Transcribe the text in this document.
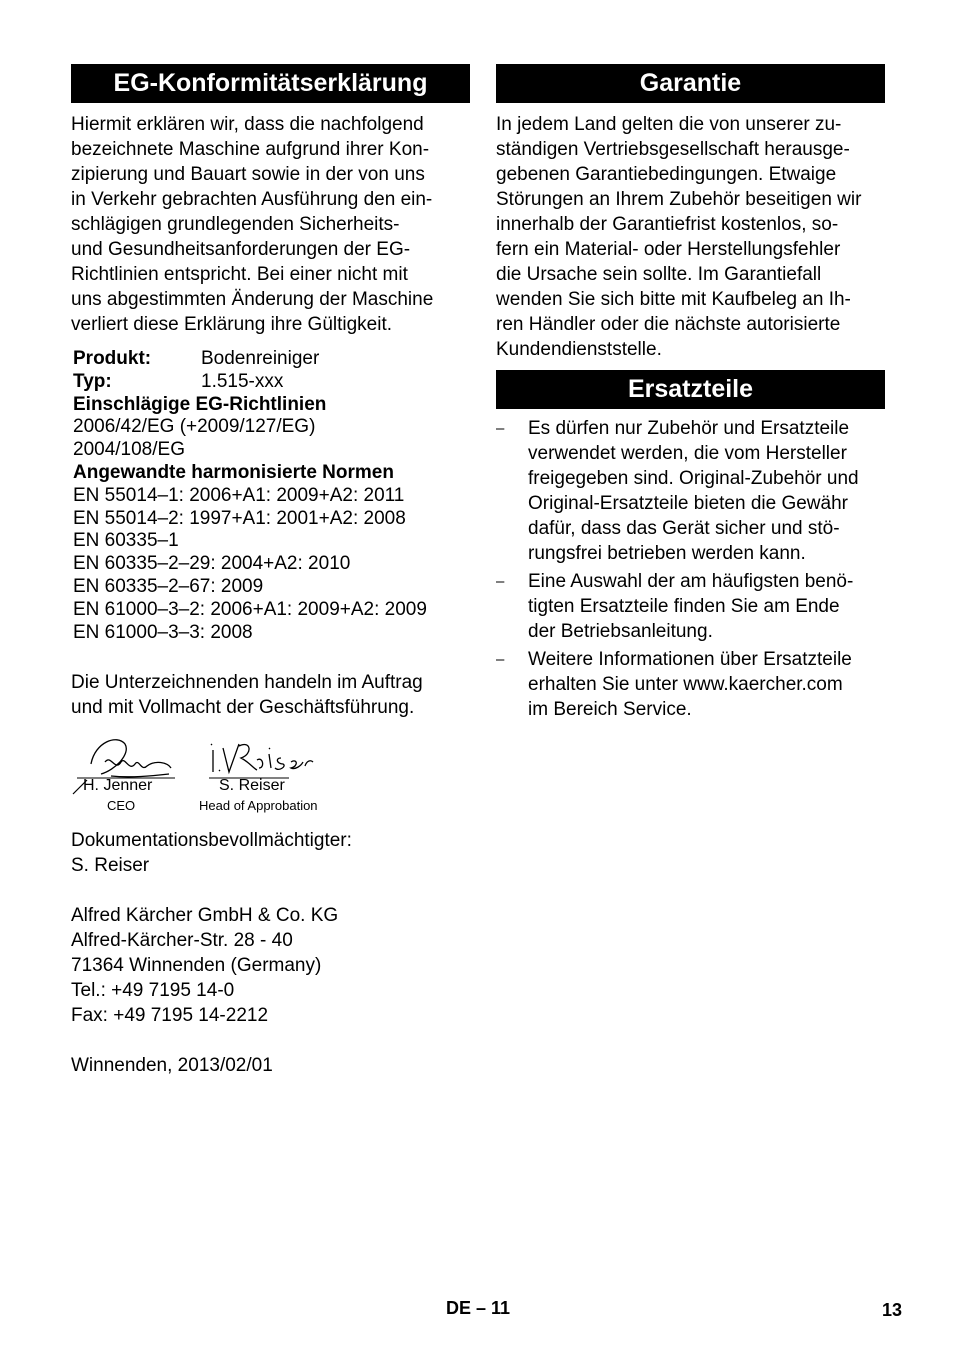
EG-Konformitätserklärung

Hiermit erklären wir, dass die nachfolgend
bezeichnete Maschine aufgrund ihrer Kon-
zipierung und Bauart sowie in der von uns
in Verkehr gebrachten Ausführung den ein-
schlägigen grundlegenden Sicherheits-
und Gesundheitsanforderungen der EG-
Richtlinien entspricht. Bei einer nicht mit
uns abgestimmten Änderung der Maschine
verliert diese Erklärung ihre Gültigkeit.

Produkt:	Bodenreiniger
Typ:	1.515-xxx
Einschlägige EG-Richtlinien
2006/42/EG (+2009/127/EG)
2004/108/EG
Angewandte harmonisierte Normen
EN 55014–1: 2006+A1: 2009+A2: 2011
EN 55014–2: 1997+A1: 2001+A2: 2008
EN 60335–1
EN 60335–2–29: 2004+A2: 2010
EN 60335–2–67: 2009
EN 61000–3–2: 2006+A1: 2009+A2: 2009
EN 61000–3–3: 2008

Die Unterzeichnenden handeln im Auftrag
und mit Vollmacht der Geschäftsführung.

H. Jenner
CEO
S. Reiser
Head of Approbation

Dokumentationsbevollmächtigter:

S. Reiser

Alfred Kärcher GmbH & Co. KG

Alfred-Kärcher-Str. 28 - 40

71364 Winnenden (Germany)

Tel.: +49 7195 14-0

Fax: +49 7195 14-2212

Winnenden, 2013/02/01

Garantie

In jedem Land gelten die von unserer zu-
ständigen Vertriebsgesellschaft herausge-
gebenen Garantiebedingungen. Etwaige
Störungen an Ihrem Zubehör beseitigen wir
innerhalb der Garantiefrist kostenlos, so-
fern ein Material- oder Herstellungsfehler
die Ursache sein sollte. Im Garantiefall
wenden Sie sich bitte mit Kaufbeleg an Ih-
ren Händler oder die nächste autorisierte
Kundendienststelle.

Ersatzteile
–	Es dürfen nur Zubehör und Ersatzteile
verwendet werden, die vom Hersteller
freigegeben sind. Original-Zubehör und
Original-Ersatzteile bieten die Gewähr
dafür, dass das Gerät sicher und stö-
rungsfrei betrieben werden kann.
–	Eine Auswahl der am häufigsten benö-
tigten Ersatzteile finden Sie am Ende
der Betriebsanleitung.
–	Weitere Informationen über Ersatzteile
erhalten Sie unter www.kaercher.com
im Bereich Service.
DE – 11	13
